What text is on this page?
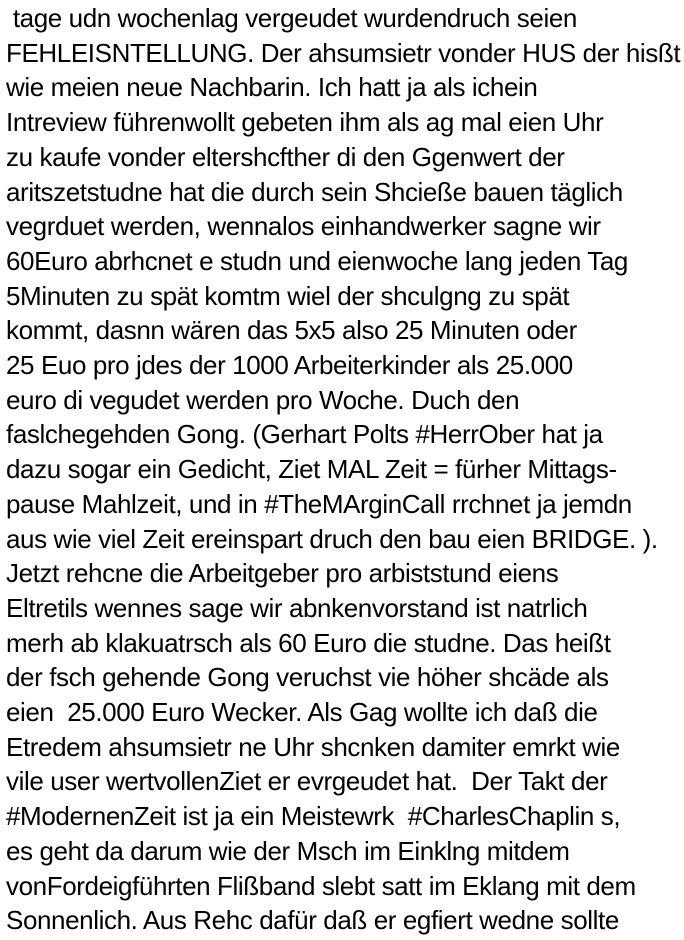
tage udn wochenlag vergeudet wurdendruch seien
FEHLEISNTELLUNG. Der ahsumsietr vonder HUS der hisßt
wie meien neue Nachbarin. Ich hatt ja als ichein
Intreview führenwollt gebeten ihm als ag mal eien Uhr
zu kaufe vonder eltershcfther di den Ggenwert der
aritszetstudne hat die durch sein Shcieße bauen täglich
vegrduet werden, wennalos einhandwerker sagne wir
60Euro abrhcnet e studn und eienwoche lang jeden Tag
5Minuten zu spät komtm wiel der shculgng zu spät
kommt, dasnn wären das 5x5 also 25 Minuten oder
25 Euo pro jdes der 1000 Arbeiterkinder als 25.000
euro di vegudet werden pro Woche. Duch den
faslchegehden Gong. (Gerhart Polts #HerrOber hat ja
dazu sogar ein Gedicht, Ziet MAL Zeit = fürher Mittags-
pause Mahlzeit, und in #TheMArginCall rrchnet ja jemdn
aus wie viel Zeit ereinspart druch den bau eien BRIDGE. ).
Jetzt rehcne die Arbeitgeber pro arbiststund eiens
Eltretils wennes sage wir abnkenvorstand ist natrlich
merh ab klakuatrsch als 60 Euro die studne. Das heißt
der fsch gehende Gong veruchst vie höher shcäde als
eien  25.000 Euro Wecker. Als Gag wollte ich daß die
Etredem ahsumsietr ne Uhr shcnken damiter emrkt wie
vile user wertvollenZiet er evrgeudet hat.  Der Takt der
#ModernenZeit ist ja ein Meistewrk  #CharlesChaplin s,
es geht da darum wie der Msch im Einklng mitdem
vonFordeigführten Flißband slebt satt im Eklang mit dem
Sonnenlich. Aus Rehc dafür daß er egfiert wedne sollte
